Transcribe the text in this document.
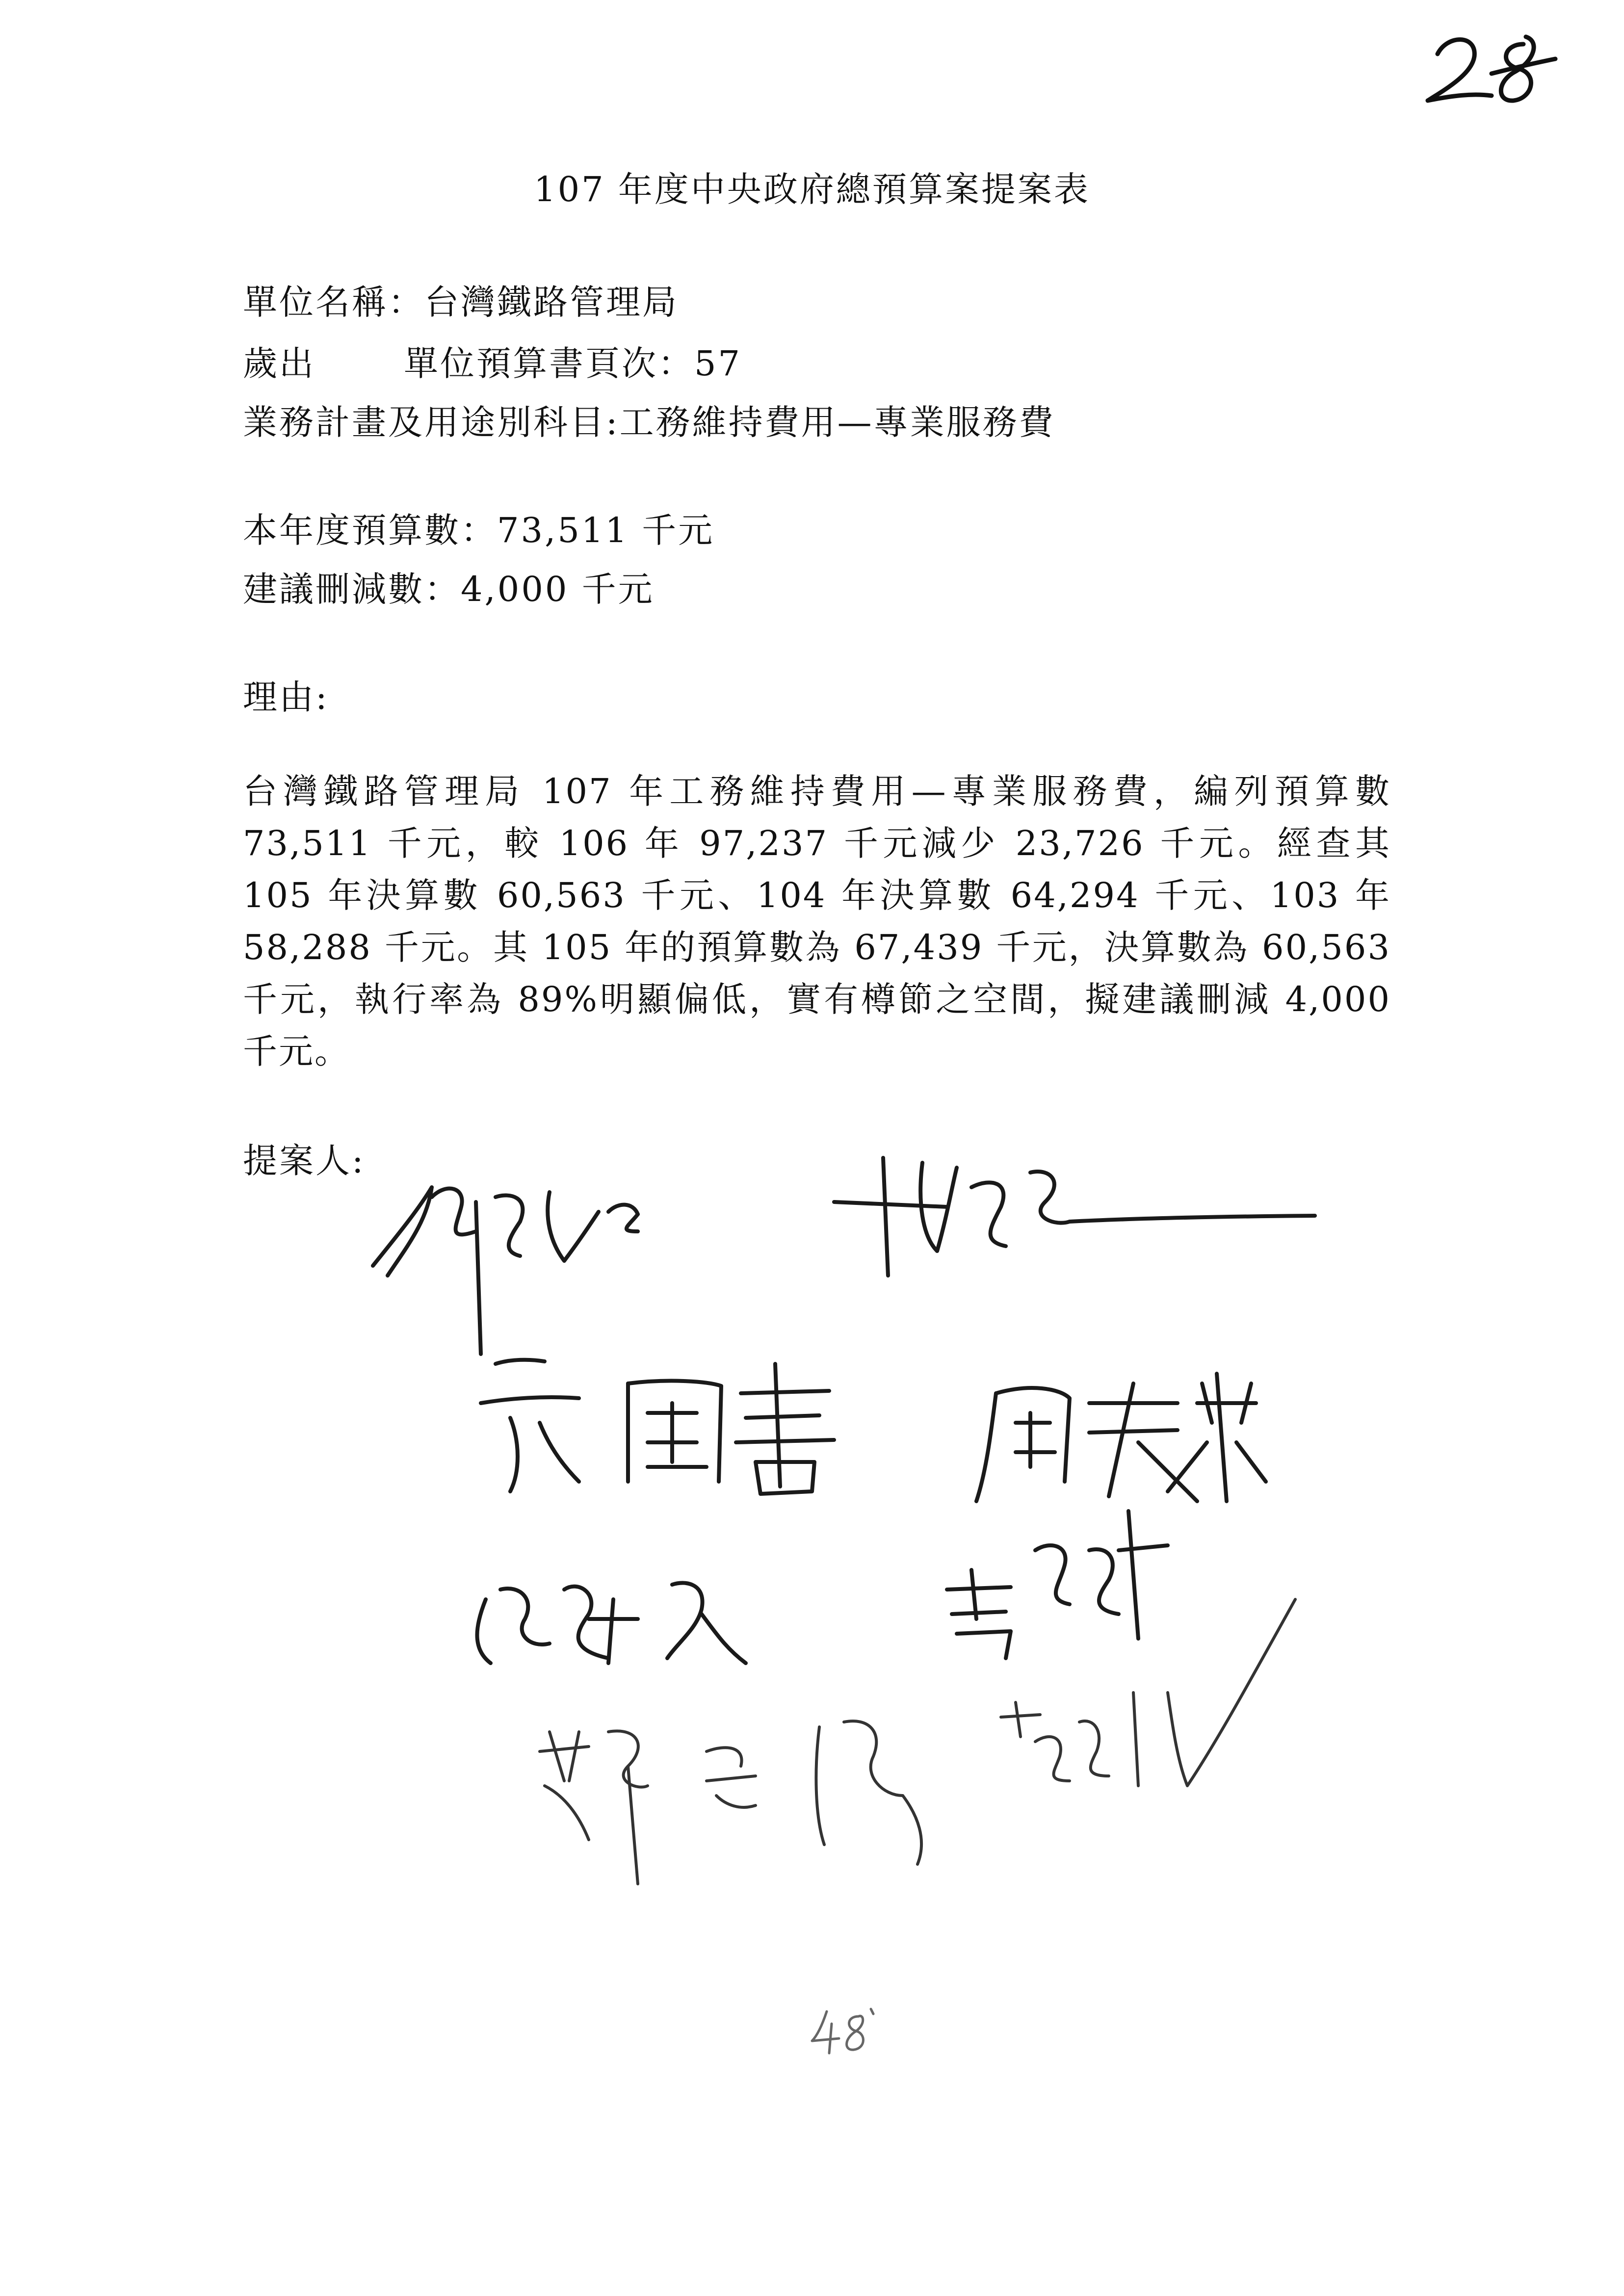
107 年度中央政府總預算案提案表
單位名稱：台灣鐵路管理局
歲出	單位預算書頁次：57
業務計畫及用途別科目:工務維持費用—專業服務費
本年度預算數：73,511 千元
建議刪減數：4,000 千元
理由:
台灣鐵路管理局 107 年工務維持費用—專業服務費，編列預算數 73,511 千元，較 106 年 97,237 千元減少 23,726 千元。經查其 105 年決算數 60,563 千元、104 年決算數 64,294 千元、103 年 58,288 千元。其 105 年的預算數為 67,439 千元，決算數為 60,563 千元，執行率為 89%明顯偏低，實有樽節之空間，擬建議刪減 4,000 千元。
提案人:
